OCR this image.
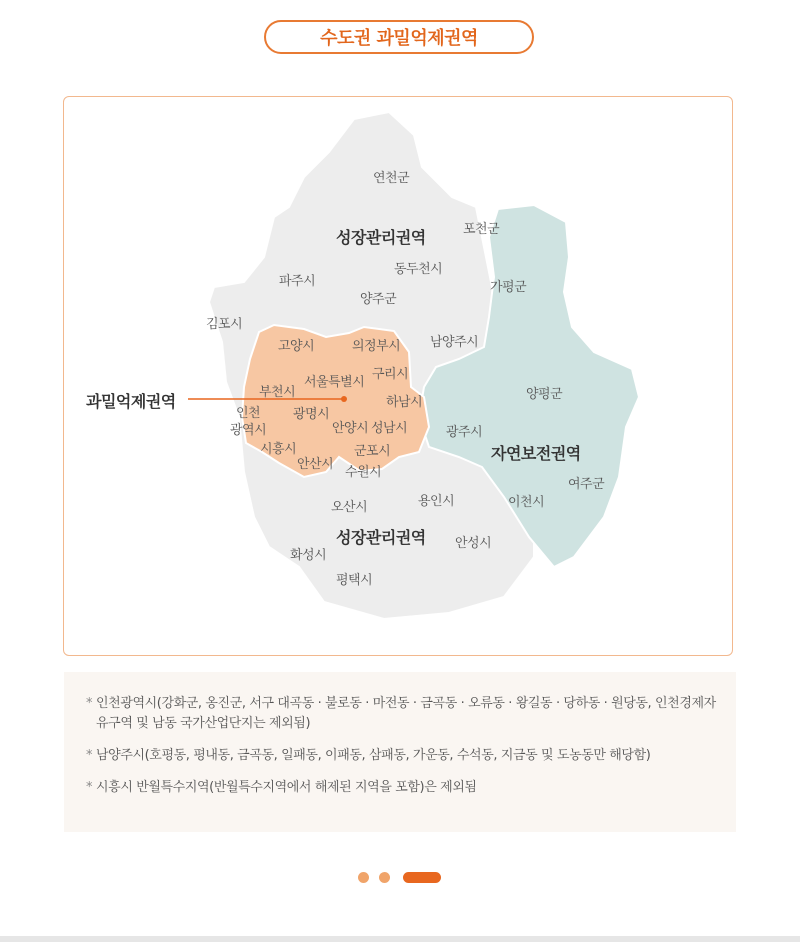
수도권 과밀억제권역
과밀억제권역
성장관리권역
성장관리권역
자연보전권역
연천군
포천군
동두천시
파주시
양주군
가평군
김포시
고양시	의정부시 남양주시
구리시
서울특별시
부천시	양평군
하남시
인천
광역시
광명시
안양시 성남시	광주시
시흥시	군포시
안산시
수원시
여주군
오산시	용인시	이천시
안성시
화성시
평택시
* 인천광역시(강화군, 옹진군, 서구 대곡동 · 불로동 · 마전동 · 금곡동 · 오류동 · 왕길동 · 당하동 · 원당동, 인천경제자유구역 및 남동 국가산업단지는 제외됨)
* 남양주시(호평동, 평내동, 금곡동, 일패동, 이패동, 삼패동, 가운동, 수석동, 지금동 및 도농동만 해당함)
* 시흥시 반월특수지역(반월특수지역에서 해제된 지역을 포함)은 제외됨
